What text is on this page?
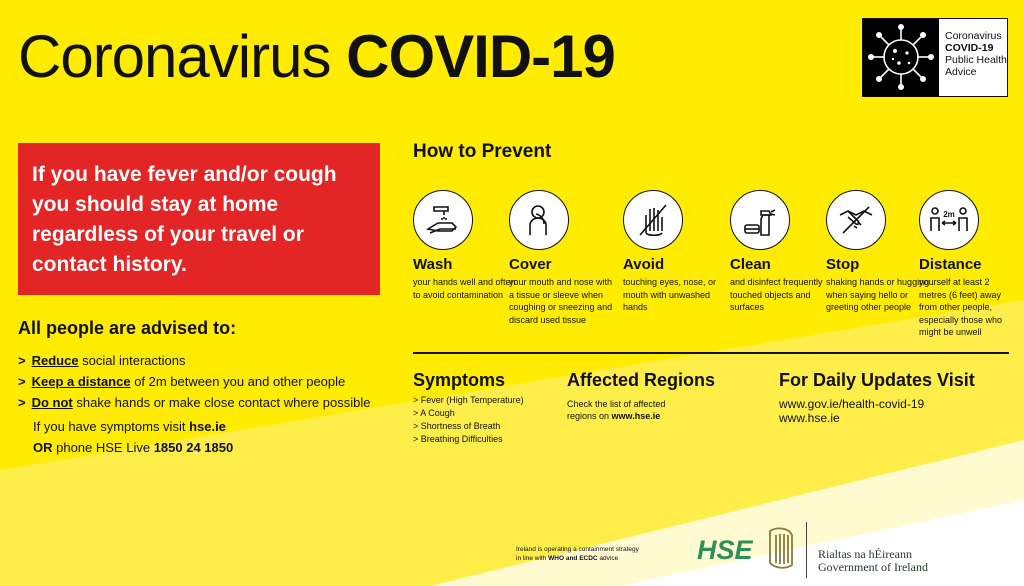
Coronavirus COVID-19	Coronavirus
COVID-19
Public Health
Advice
If you have fever and/or cough you should stay at home regardless of your travel or contact history.
All people are advised to:
> Reduce social interactions
> Keep a distance of 2m between you and other people
> Do not shake hands or make close contact where possible
If you have symptoms visit hse.ie
OR phone HSE Live 1850 24 1850
How to Prevent
Wash
your hands well and often to avoid contamination
Cover
your mouth and nose with a tissue or sleeve when coughing or sneezing and discard used tissue
Avoid
touching eyes, nose, or mouth with unwashed hands
Clean
and disinfect frequently touched objects and surfaces
Stop
shaking hands or hugging when saying hello or greeting other people
2m
Distance
yourself at least 2 metres (6 feet) away from other people, especially those who might be unwell
Symptoms
> Fever (High Temperature)
> A Cough
> Shortness of Breath
> Breathing Difficulties
Affected Regions
Check the list of affected
regions on www.hse.ie
For Daily Updates Visit
www.gov.ie/health-covid-19
www.hse.ie
Ireland is operating a containment strategy
in line with WHO and ECDC advice	HSE	Rialtas na hÉireann
Government of Ireland
